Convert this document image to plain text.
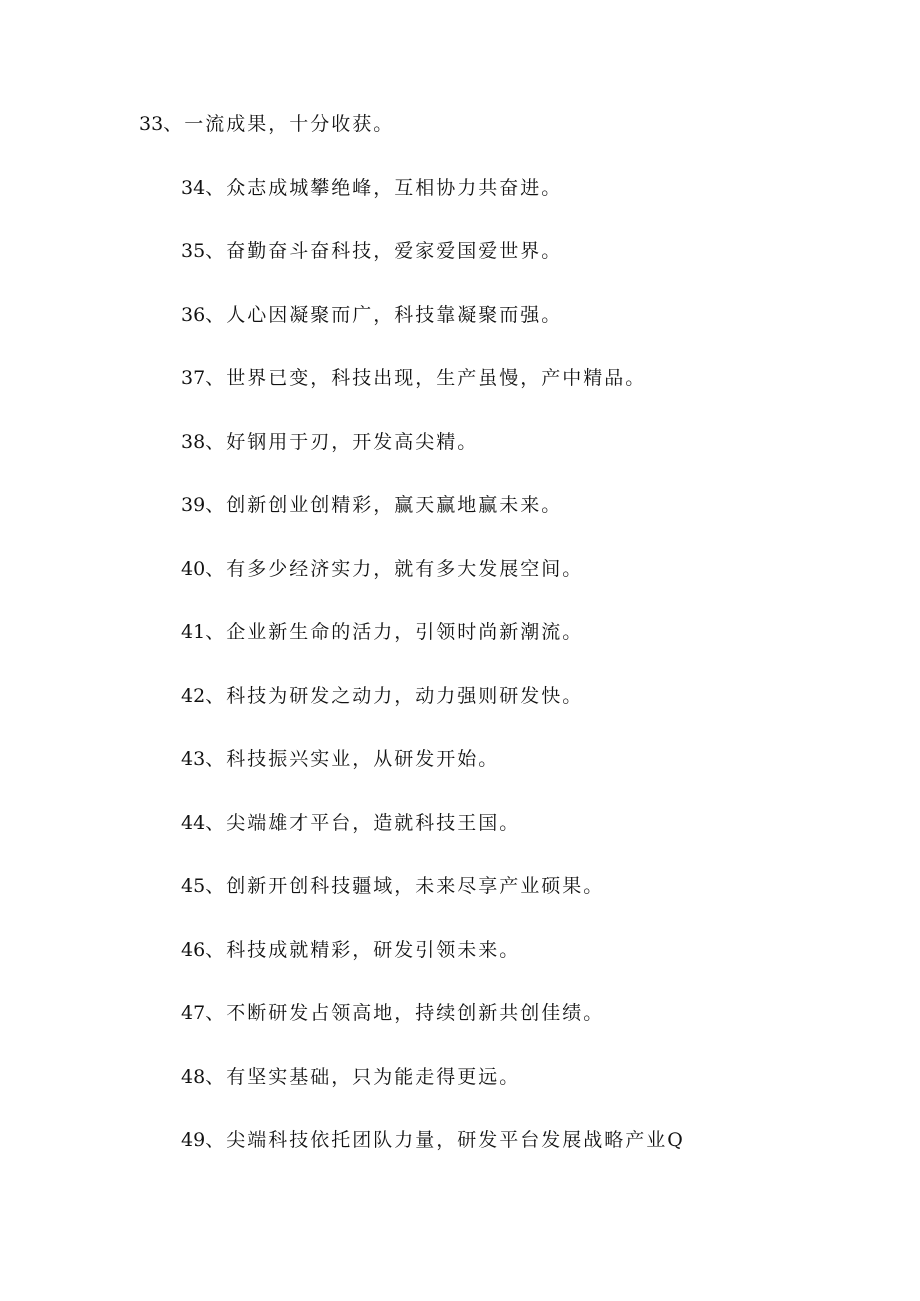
33、一流成果，十分收获。
34、众志成城攀绝峰，互相协力共奋进。
35、奋勤奋斗奋科技，爱家爱国爱世界。
36、人心因凝聚而广，科技靠凝聚而强。
37、世界已变，科技出现，生产虽慢，产中精品。
38、好钢用于刃，开发高尖精。
39、创新创业创精彩，赢天赢地赢未来。
40、有多少经济实力，就有多大发展空间。
41、企业新生命的活力，引领时尚新潮流。
42、科技为研发之动力，动力强则研发快。
43、科技振兴实业，从研发开始。
44、尖端雄才平台，造就科技王国。
45、创新开创科技疆域，未来尽享产业硕果。
46、科技成就精彩，研发引领未来。
47、不断研发占领高地，持续创新共创佳绩。
48、有坚实基础，只为能走得更远。
49、尖端科技依托团队力量，研发平台发展战略产业Q
